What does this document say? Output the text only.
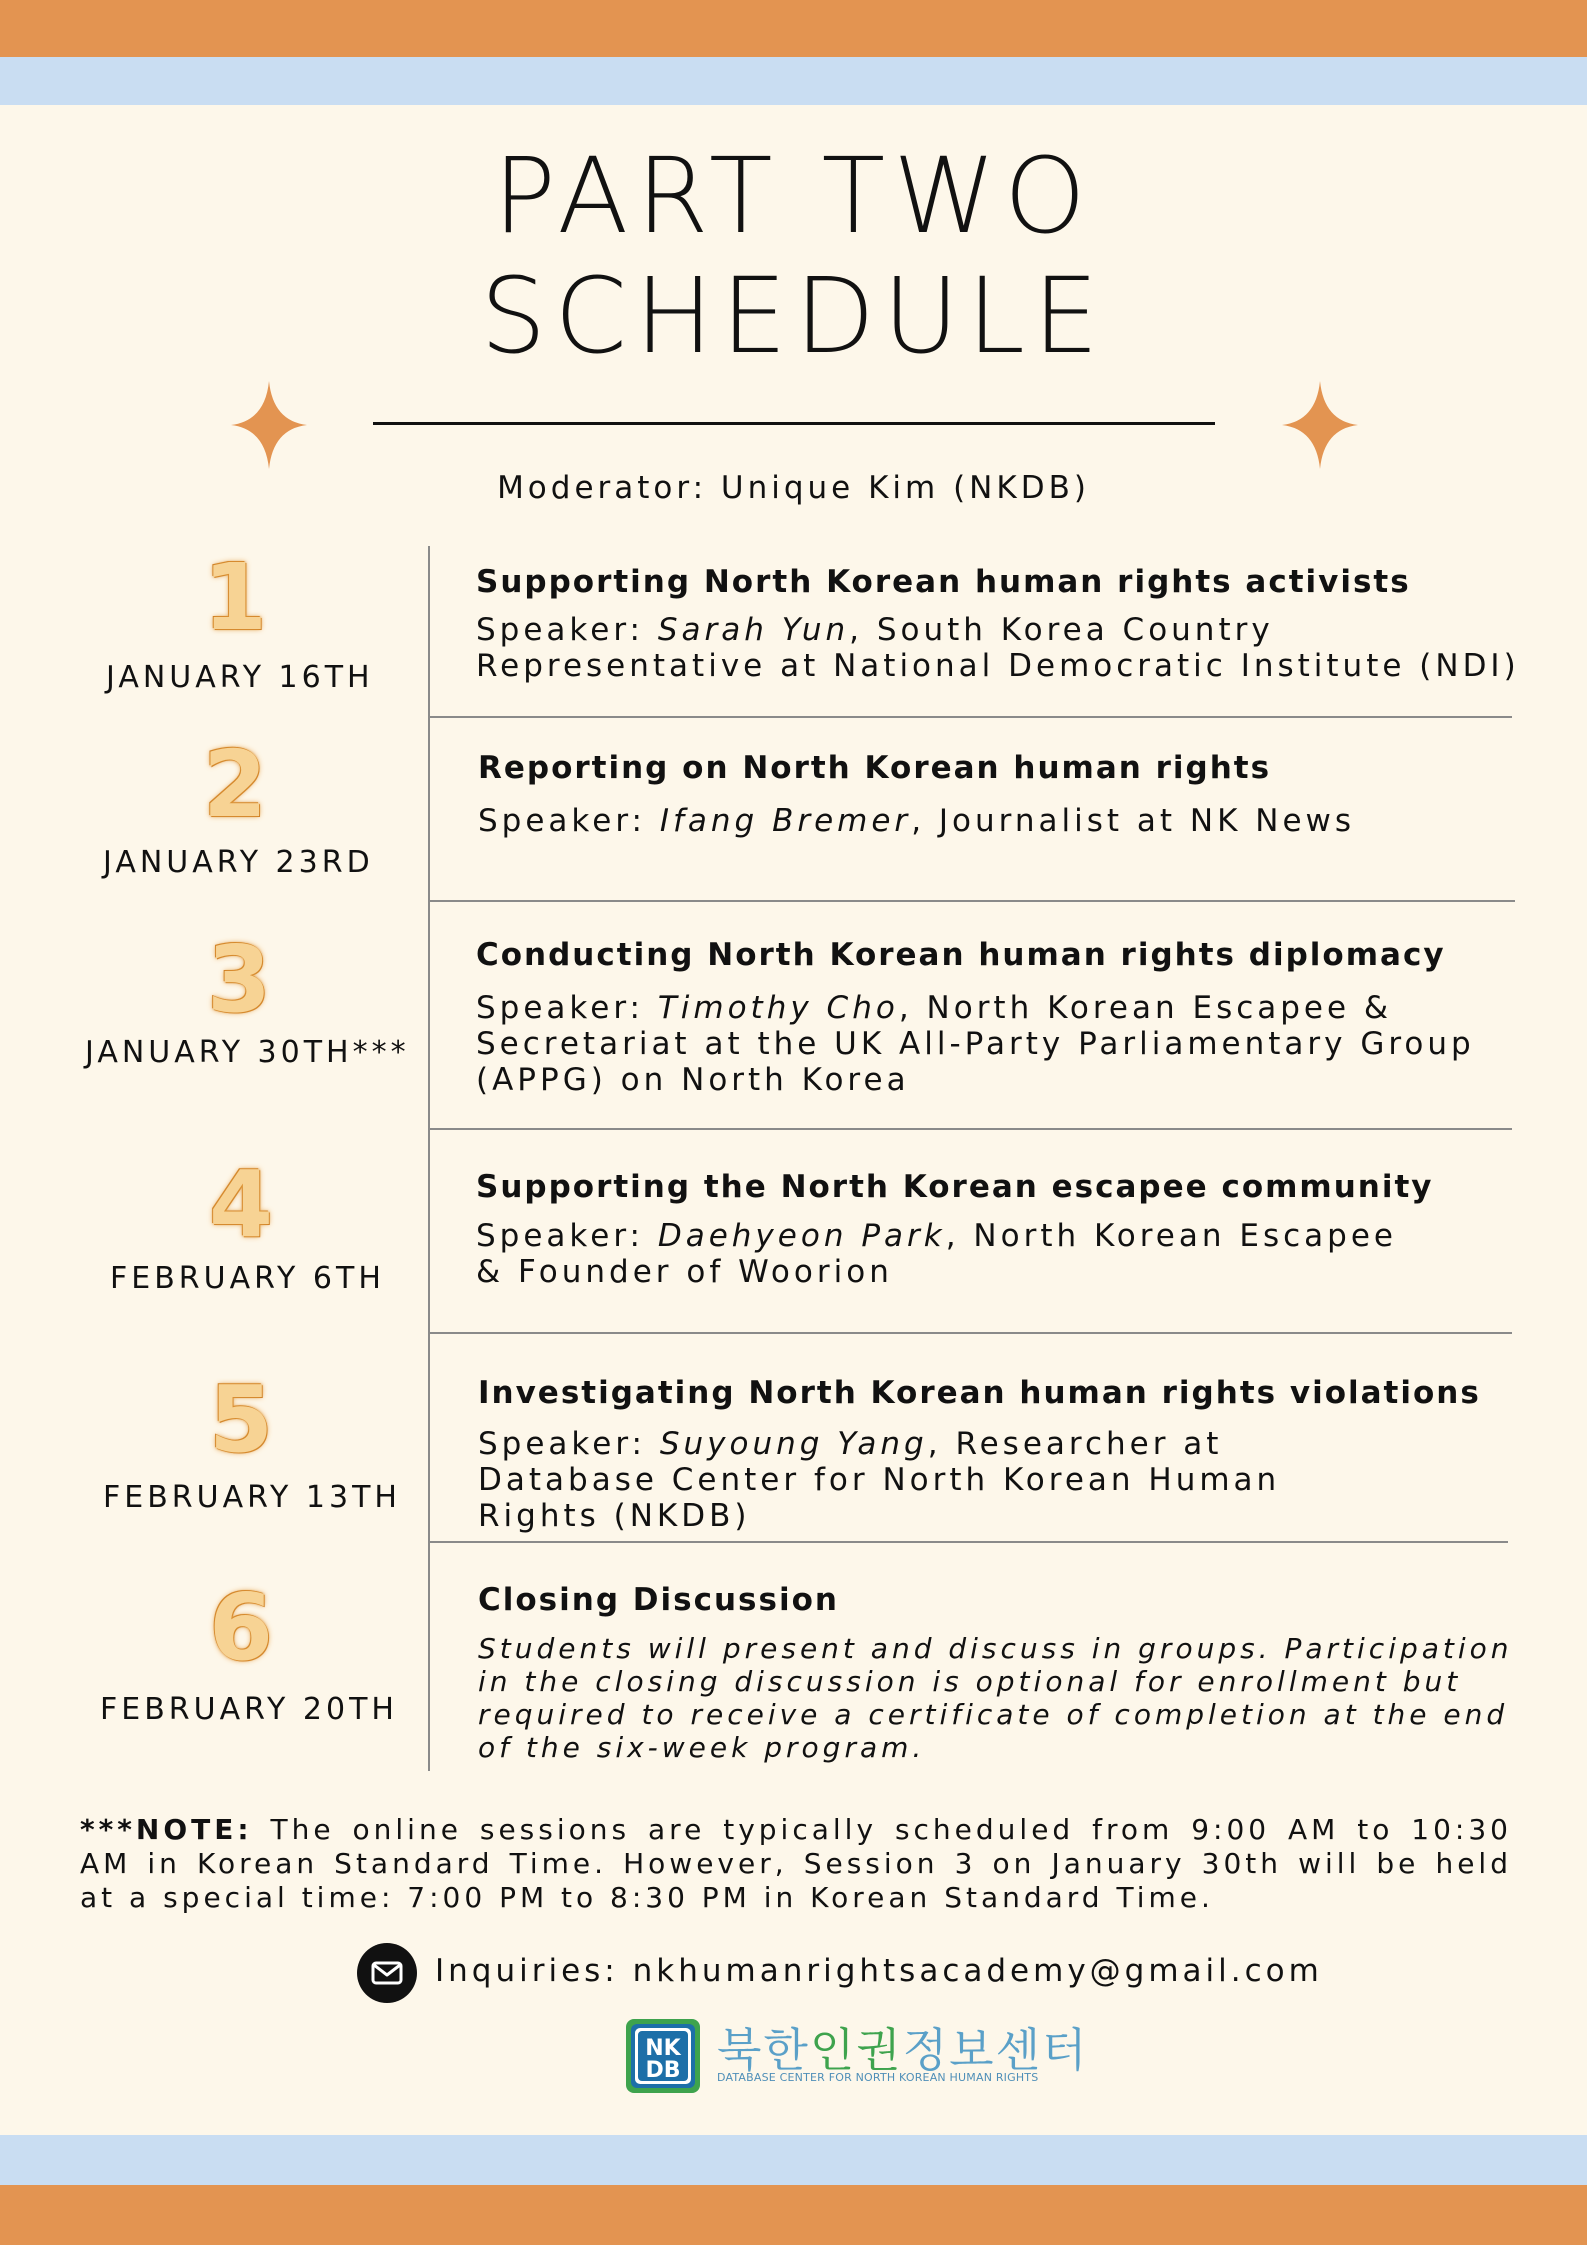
PART TWO
SCHEDULE
Moderator: Unique Kim (NKDB)
1
JANUARY 16TH
Supporting North Korean human rights activists
Speaker: Sarah Yun, South Korea Country Representative at National Democratic Institute (NDI)
2
JANUARY 23RD
Reporting on North Korean human rights
Speaker: Ifang Bremer, Journalist at NK News
3
JANUARY 30TH***
Conducting North Korean human rights diplomacy
Speaker: Timothy Cho, North Korean Escapee & Secretariat at the UK All-Party Parliamentary Group (APPG) on North Korea
4
FEBRUARY 6TH
Supporting the North Korean escapee community
Speaker: Daehyeon Park, North Korean Escapee & Founder of Woorion
5
FEBRUARY 13TH
Investigating North Korean human rights violations
Speaker: Suyoung Yang, Researcher at Database Center for North Korean Human Rights (NKDB)
6
FEBRUARY 20TH
Closing Discussion
Students will present and discuss in groups. Participation in the closing discussion is optional for enrollment but required to receive a certificate of completion at the end of the six-week program.
***NOTE: The online sessions are typically scheduled from 9:00 AM to 10:30 AM in Korean Standard Time. However, Session 3 on January 30th will be held at a special time: 7:00 PM to 8:30 PM in Korean Standard Time.
Inquiries: nkhumanrightsacademy@gmail.com
NK
DB 북한인권정보센터
DATABASE CENTER FOR NORTH KOREAN HUMAN RIGHTS
